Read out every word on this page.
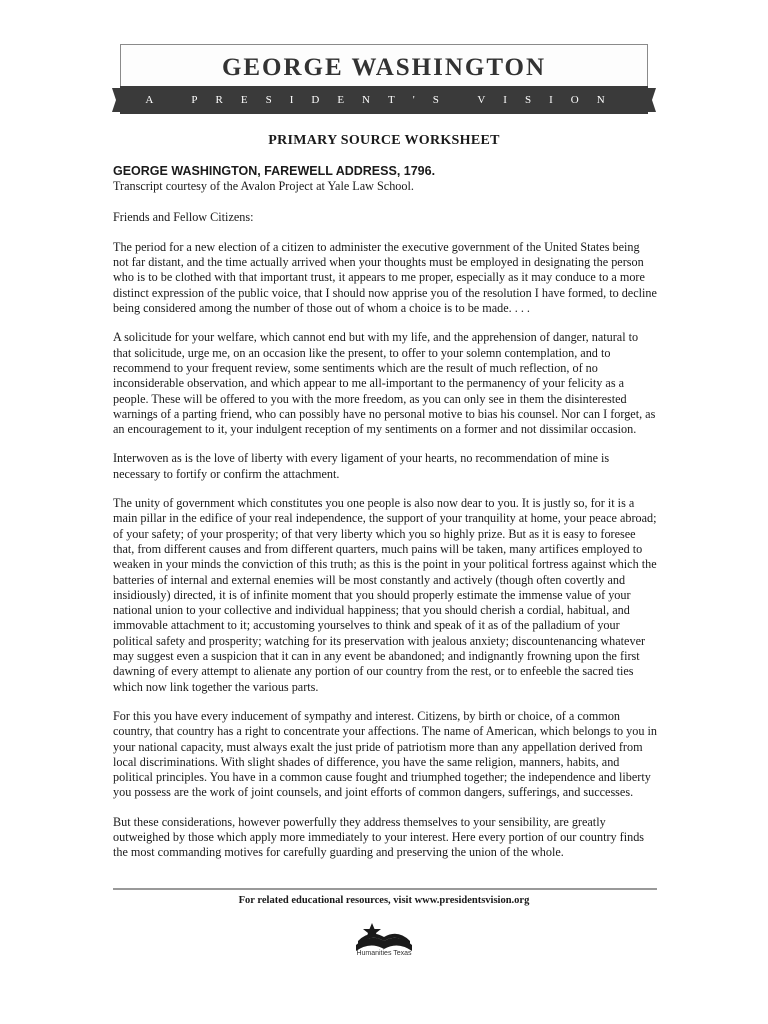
GEORGE WASHINGTON
A PRESIDENT'S VISION
PRIMARY SOURCE WORKSHEET

GEORGE WASHINGTON, FAREWELL ADDRESS, 1796.

Transcript courtesy of the Avalon Project at Yale Law School.

Friends and Fellow Citizens:

The period for a new election of a citizen to administer the executive government of the United States being not far distant, and the time actually arrived when your thoughts must be employed in designating the person who is to be clothed with that important trust, it appears to me proper, especially as it may conduce to a more distinct expression of the public voice, that I should now apprise you of the resolution I have formed, to decline being considered among the number of those out of whom a choice is to be made. . . .

A solicitude for your welfare, which cannot end but with my life, and the apprehension of danger, natural to that solicitude, urge me, on an occasion like the present, to offer to your solemn contemplation, and to recommend to your frequent review, some sentiments which are the result of much reflection, of no inconsiderable observation, and which appear to me all-important to the permanency of your felicity as a people. These will be offered to you with the more freedom, as you can only see in them the disinterested warnings of a parting friend, who can possibly have no personal motive to bias his counsel. Nor can I forget, as an encouragement to it, your indulgent reception of my sentiments on a former and not dissimilar occasion.

Interwoven as is the love of liberty with every ligament of your hearts, no recommendation of mine is necessary to fortify or confirm the attachment.

The unity of government which constitutes you one people is also now dear to you. It is justly so, for it is a main pillar in the edifice of your real independence, the support of your tranquility at home, your peace abroad; of your safety; of your prosperity; of that very liberty which you so highly prize. But as it is easy to foresee that, from different causes and from different quarters, much pains will be taken, many artifices employed to weaken in your minds the conviction of this truth; as this is the point in your political fortress against which the batteries of internal and external enemies will be most constantly and actively (though often covertly and insidiously) directed, it is of infinite moment that you should properly estimate the immense value of your national union to your collective and individual happiness; that you should cherish a cordial, habitual, and immovable attachment to it; accustoming yourselves to think and speak of it as of the palladium of your political safety and prosperity; watching for its preservation with jealous anxiety; discountenancing whatever may suggest even a suspicion that it can in any event be abandoned; and indignantly frowning upon the first dawning of every attempt to alienate any portion of our country from the rest, or to enfeeble the sacred ties which now link together the various parts.

For this you have every inducement of sympathy and interest. Citizens, by birth or choice, of a common country, that country has a right to concentrate your affections. The name of American, which belongs to you in your national capacity, must always exalt the just pride of patriotism more than any appellation derived from local discriminations. With slight shades of difference, you have the same religion, manners, habits, and political principles. You have in a common cause fought and triumphed together; the independence and liberty you possess are the work of joint counsels, and joint efforts of common dangers, sufferings, and successes.

But these considerations, however powerfully they address themselves to your sensibility, are greatly outweighed by those which apply more immediately to your interest. Here every portion of our country finds the most commanding motives for carefully guarding and preserving the union of the whole.

For related educational resources, visit www.presidentsvision.org
Humanities Texas
